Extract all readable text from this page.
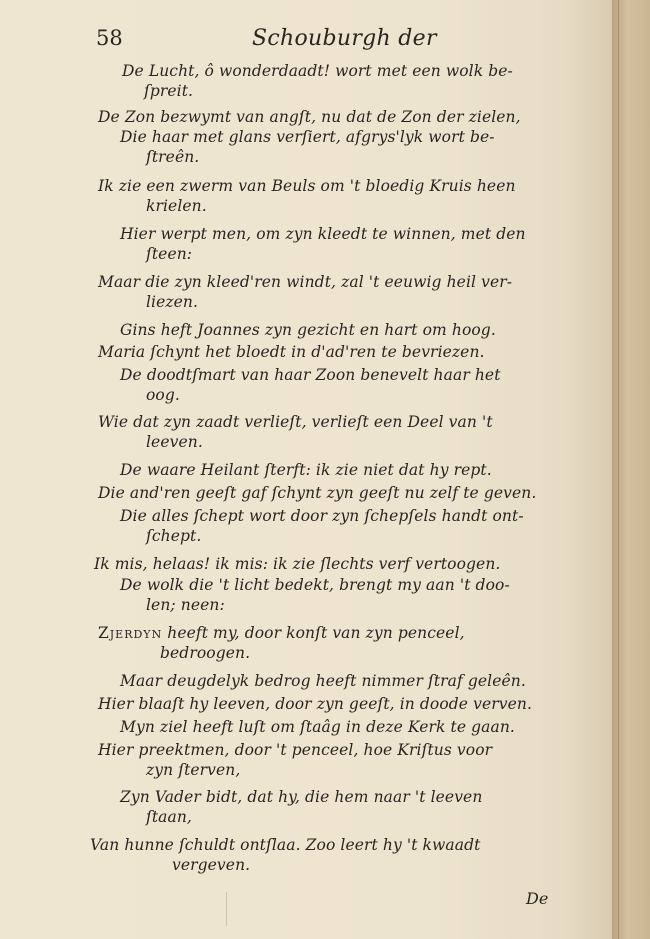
58	Schouburgh der
De Lucht, ô wonderdaadt! wort met een wolk be-
ſpreit.
De Zon bezwymt van angſt, nu dat de Zon der zielen,
Die haar met glans verſiert, afgrys'lyk wort be-
ſtreên.
Ik zie een zwerm van Beuls om 't bloedig Kruis heen
krielen.
Hier werpt men, om zyn kleedt te winnen, met den
ſteen:
Maar die zyn kleed'ren windt, zal 't eeuwig heil ver-
liezen.
Gins heft Joannes zyn gezicht en hart om hoog.
Maria ſchynt het bloedt in d'ad'ren te bevriezen.
De doodtſmart van haar Zoon benevelt haar het
oog.
Wie dat zyn zaadt verlieſt, verlieſt een Deel van 't
leeven.
De waare Heilant ſterft: ik zie niet dat hy rept.
Die and'ren geeſt gaf ſchynt zyn geeſt nu zelf te geven.
Die alles ſchept wort door zyn ſchepſels handt ont-
ſchept.
Ik mis, helaas! ik mis: ik zie ſlechts verf vertoogen.
De wolk die 't licht bedekt, brengt my aan 't doo-
len; neen:
Zjerdyn heeft my, door konſt van zyn penceel,
bedroogen.
Maar deugdelyk bedrog heeft nimmer ſtraf geleên.
Hier blaaſt hy leeven, door zyn geeſt, in doode verven.
Myn ziel heeft luſt om ſtaâg in deze Kerk te gaan.
Hier preektmen, door 't penceel, hoe Kriſtus voor
zyn ſterven,
Zyn Vader bidt, dat hy, die hem naar 't leeven
ſtaan,
Van hunne ſchuldt ontſlaa. Zoo leert hy 't kwaadt
vergeven.
De
